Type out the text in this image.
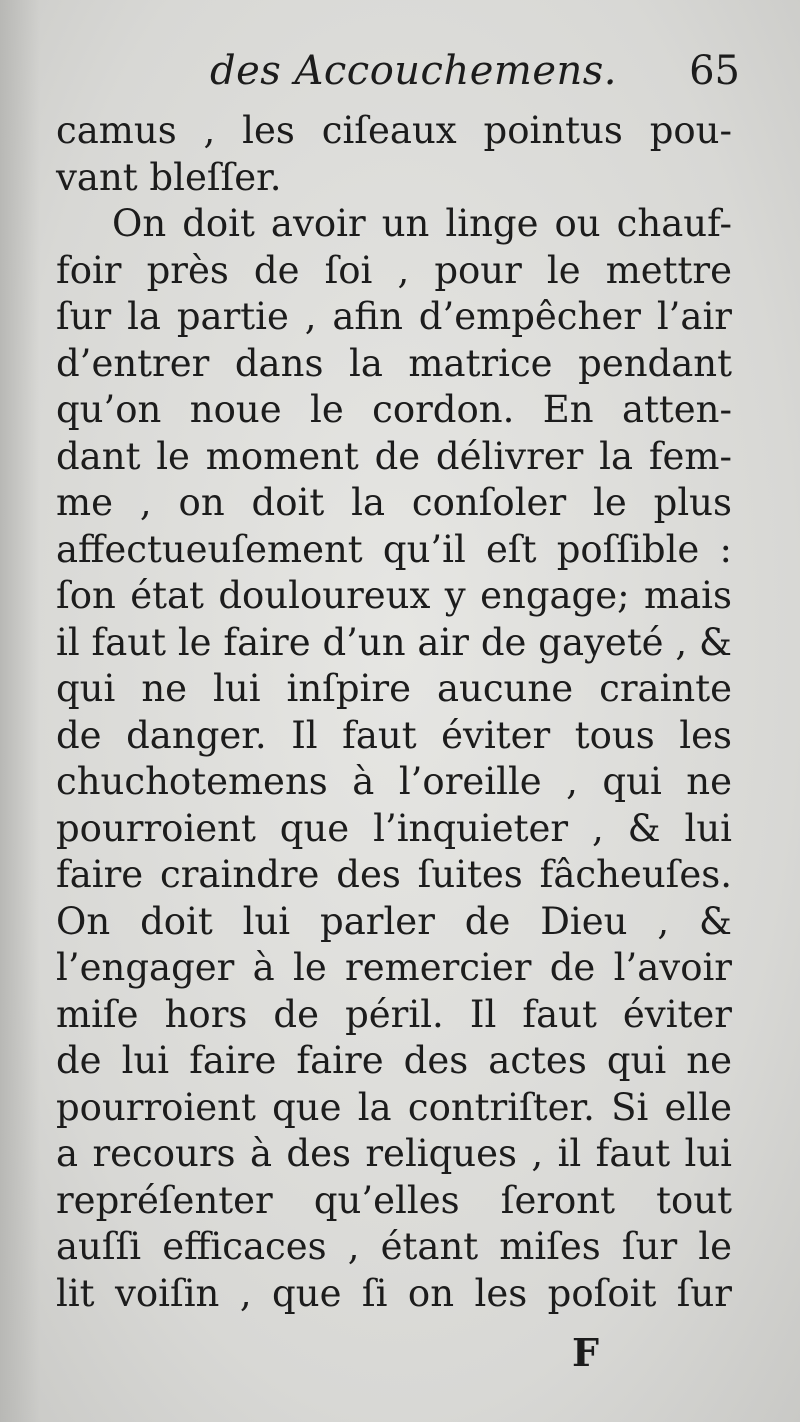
des Accouchemens. 65
camus , les ciſeaux pointus pou-
vant bleſſer.
On doit avoir un linge ou chauf-
foir près de ſoi , pour le mettre
ſur la partie , afin d’empêcher l’air
d’entrer dans la matrice pendant
qu’on noue le cordon. En atten-
dant le moment de délivrer la fem-
me , on doit la conſoler le plus
affectueuſement qu’il eſt poſſible :
ſon état douloureux y engage; mais
il faut le faire d’un air de gayeté , &
qui ne lui inſpire aucune crainte
de danger. Il faut éviter tous les
chuchotemens à l’oreille , qui ne
pourroient que l’inquieter , & lui
faire craindre des ſuites fâcheuſes.
On doit lui parler de Dieu , &
l’engager à le remercier de l’avoir
miſe hors de péril. Il faut éviter
de lui faire faire des actes qui ne
pourroient que la contriſter. Si elle
a recours à des reliques , il faut lui
repréſenter qu’elles ſeront tout
auſſi efficaces , étant miſes ſur le
lit voiſin , que ſi on les poſoit ſur
F
